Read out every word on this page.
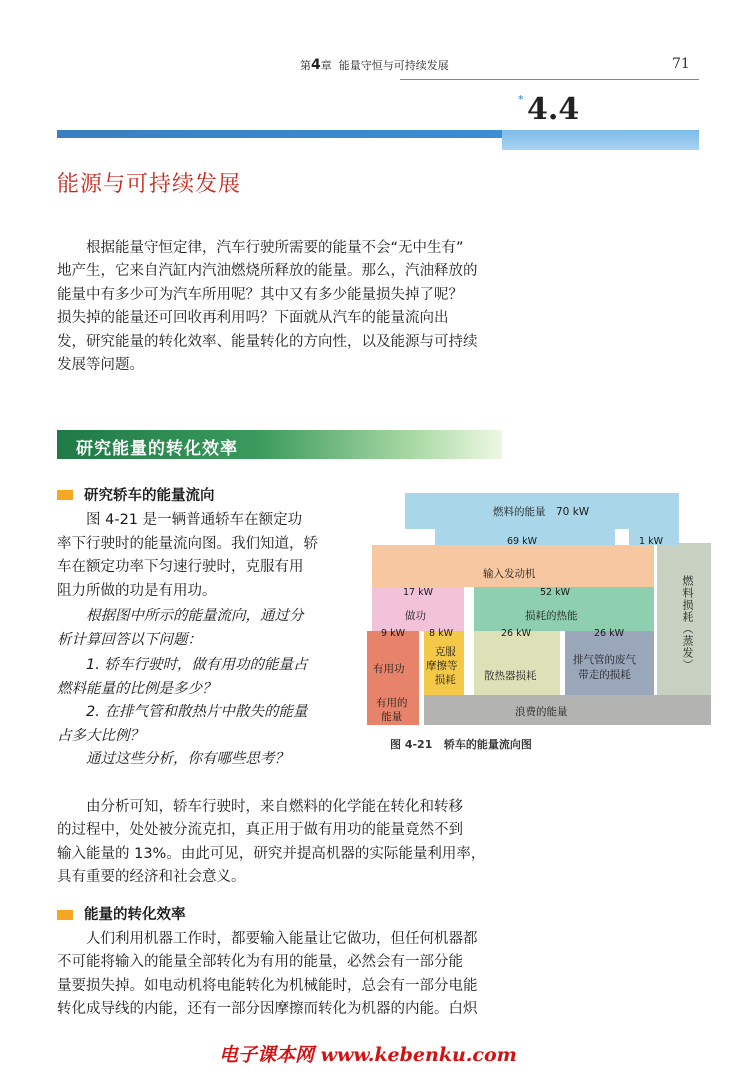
第4章 能量守恒与可持续发展	71
* 4.4
能源与可持续发展
根据能量守恒定律，汽车行驶所需要的能量不会“无中生有”
地产生，它来自汽缸内汽油燃烧所释放的能量。那么，汽油释放的
能量中有多少可为汽车所用呢？其中又有多少能量损失掉了呢？
损失掉的能量还可回收再利用吗？下面就从汽车的能量流向出
发，研究能量的转化效率、能量转化的方向性，以及能源与可持续
发展等问题。
研究能量的转化效率
研究轿车的能量流向
图 4-21 是一辆普通轿车在额定功
率下行驶时的能量流向图。我们知道，轿
车在额定功率下匀速行驶时，克服有用
阻力所做的功是有用功。
根据图中所示的能量流向，通过分
析计算回答以下问题：
1. 轿车行驶时，做有用功的能量占
燃料能量的比例是多少？
2. 在排气管和散热片中散失的能量
占多大比例？
通过这些分析，你有哪些思考？
由分析可知，轿车行驶时，来自燃料的化学能在转化和转移
的过程中，处处被分流克扣，真正用于做有用功的能量竟然不到
输入能量的 13%。由此可见，研究并提高机器的实际能量利用率，
具有重要的经济和社会意义。
能量的转化效率
人们利用机器工作时，都要输入能量让它做功，但任何机器都
不可能将输入的能量全部转化为有用的能量，必然会有一部分能
量要损失掉。如电动机将电能转化为机械能时，总会有一部分电能
转化成导线的内能，还有一部分因摩擦而转化为机器的内能。白炽
燃料的能量　70 kW
69 kW	1 kW
输入发动机
17 kW	52 kW
做功	损耗的热能
9 kW	8 kW	26 kW	26 kW
有用功
克服
摩擦等
损耗	散热器损耗
排气管的废气
带走的损耗
燃料损耗（蒸发）
有用的
能量	浪费的能量
图 4-21 轿车的能量流向图
电子课本网 www.kebenku.com
